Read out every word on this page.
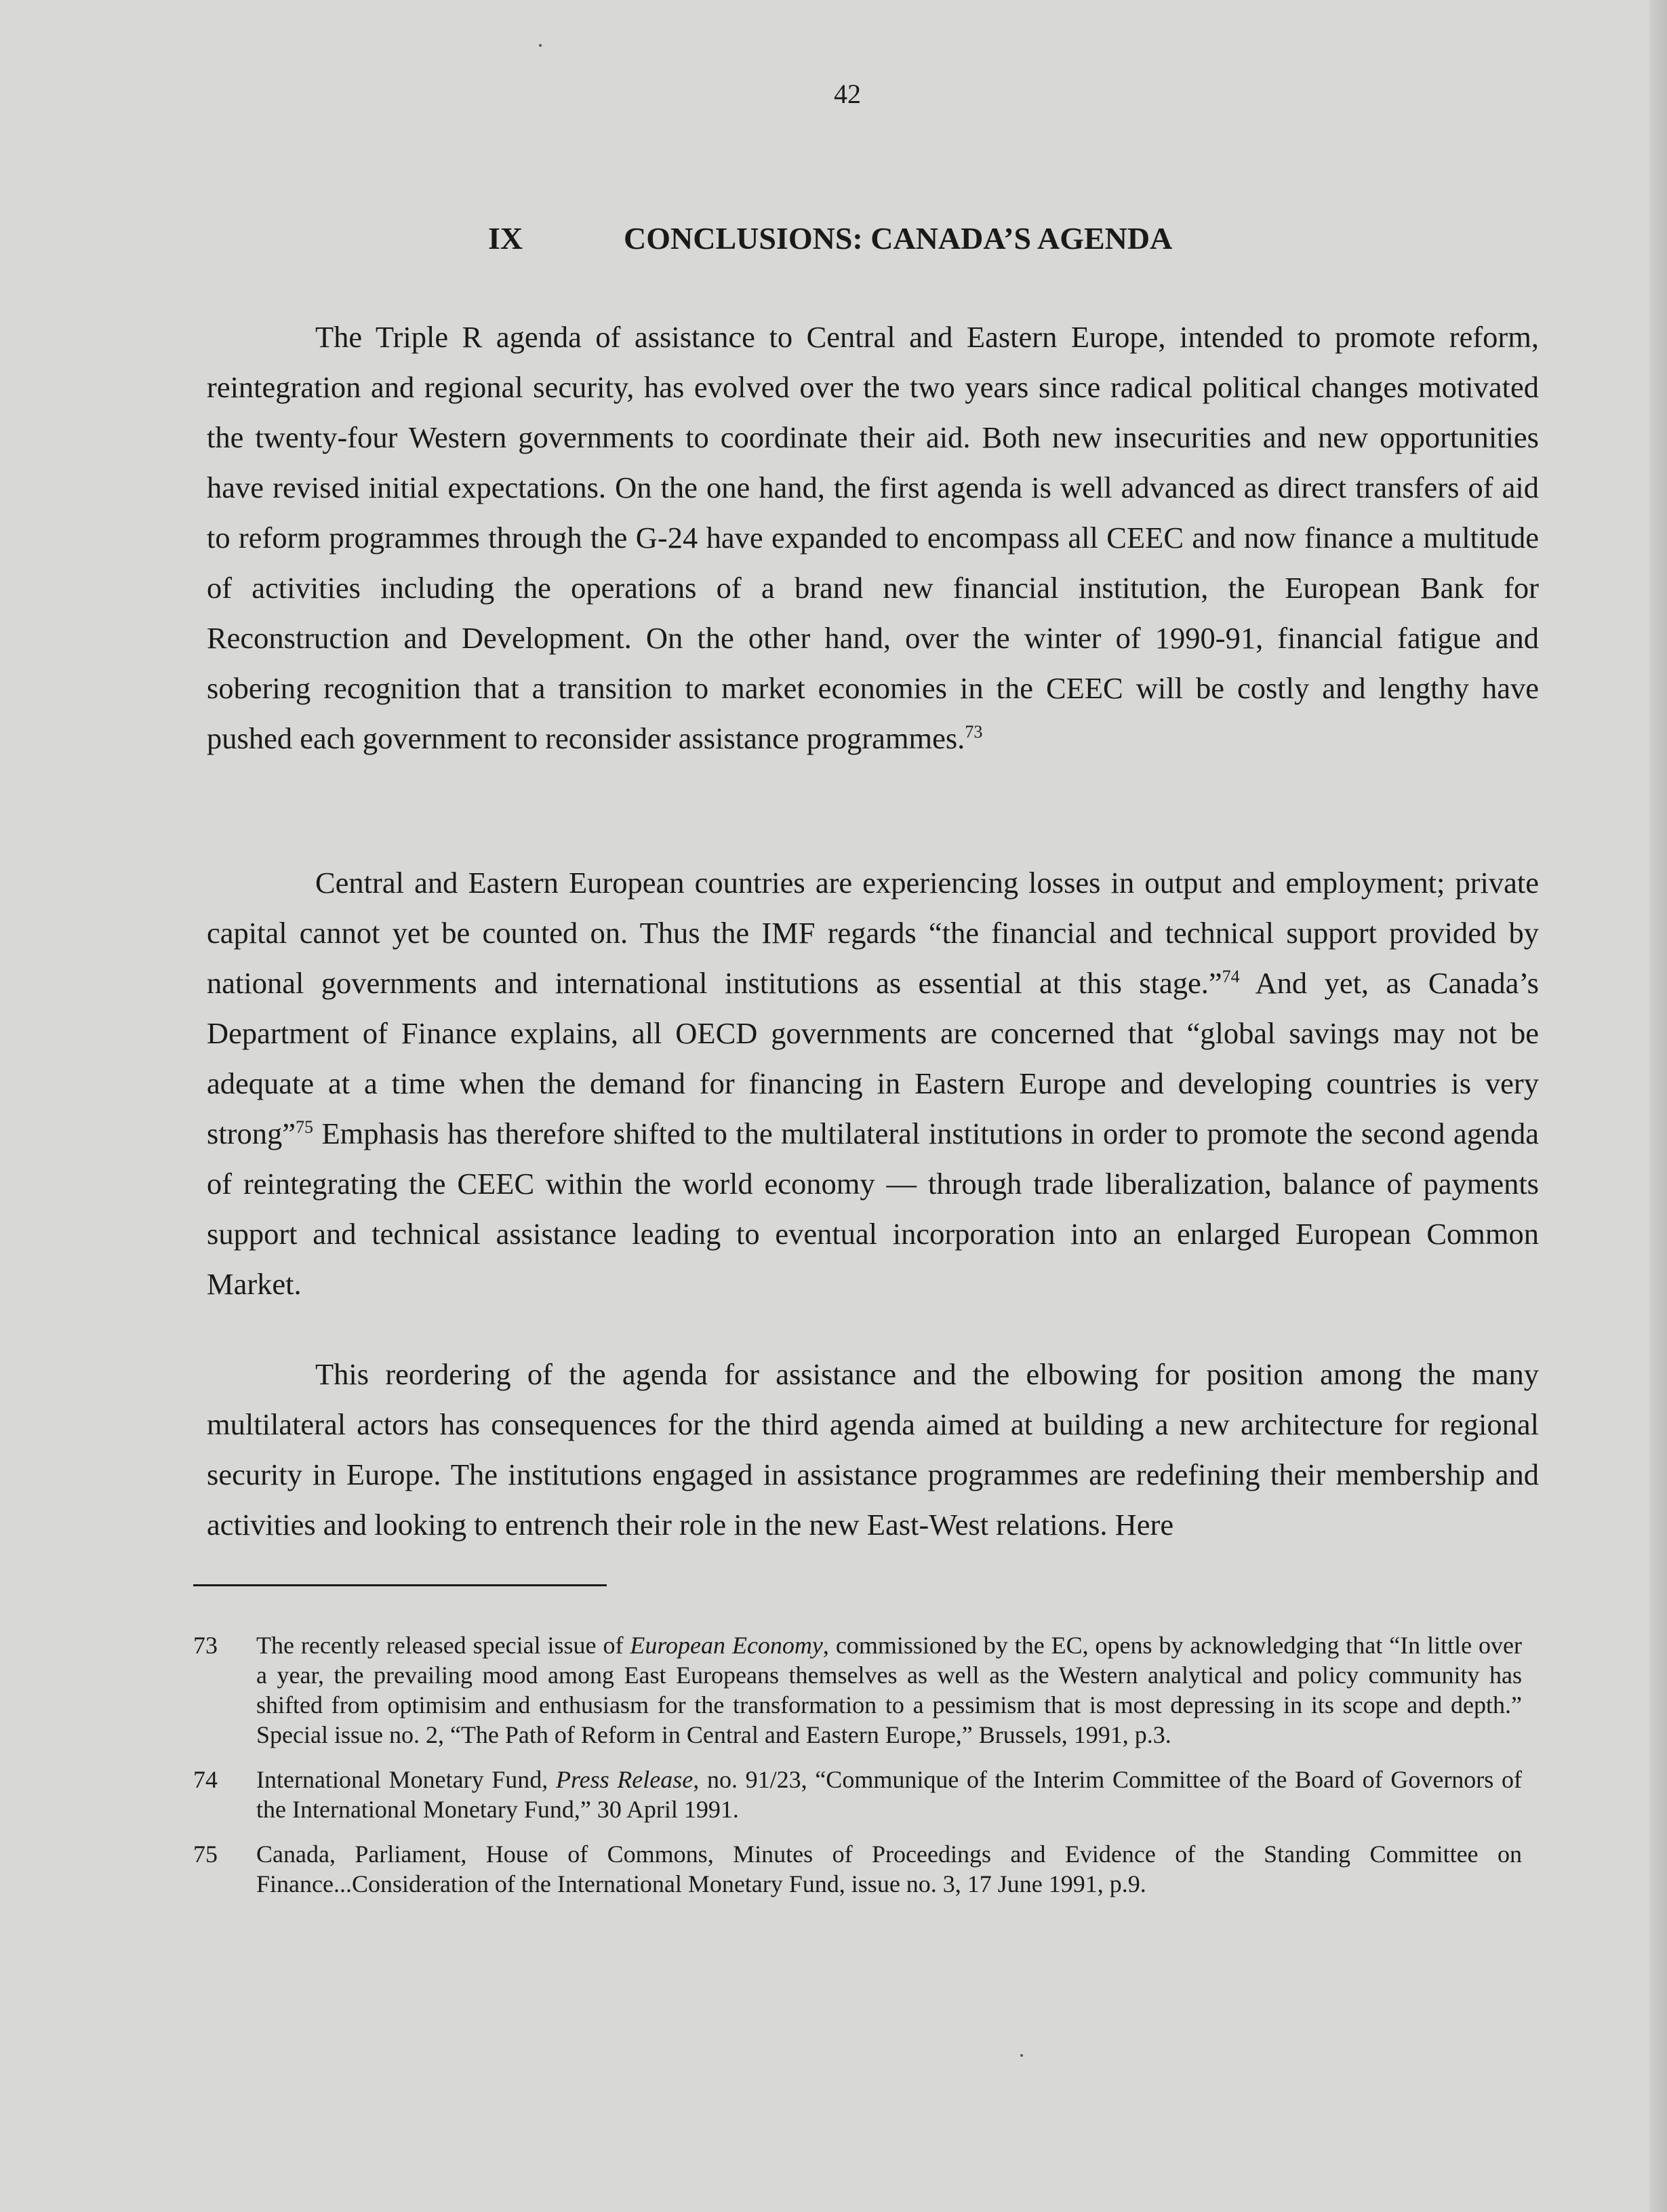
42
IX	CONCLUSIONS: CANADA’S AGENDA

The Triple R agenda of assistance to Central and Eastern Europe, intended to promote reform, reintegration and regional security, has evolved over the two years since radical political changes motivated the twenty-four Western governments to coordinate their aid. Both new insecurities and new opportunities have revised initial expectations. On the one hand, the first agenda is well advanced as direct transfers of aid to reform programmes through the G-24 have expanded to encompass all CEEC and now finance a multitude of activities including the operations of a brand new financial institution, the European Bank for Reconstruction and Development. On the other hand, over the winter of 1990-91, financial fatigue and sobering recognition that a transition to market economies in the CEEC will be costly and lengthy have pushed each government to reconsider assistance programmes.$^{73}$

Central and Eastern European countries are experiencing losses in output and employment; private capital cannot yet be counted on. Thus the IMF regards “the financial and technical support provided by national governments and international institutions as essential at this stage.”$^{74}$ And yet, as Canada’s Department of Finance explains, all OECD governments are concerned that “global savings may not be adequate at a time when the demand for financing in Eastern Europe and developing countries is very strong”$^{75}$ Emphasis has therefore shifted to the multilateral institutions in order to promote the second agenda of reintegrating the CEEC within the world economy — through trade liberalization, balance of payments support and technical assistance leading to eventual incorporation into an enlarged European Common Market.

This reordering of the agenda for assistance and the elbowing for position among the many multilateral actors has consequences for the third agenda aimed at building a new architecture for regional security in Europe. The institutions engaged in assistance programmes are redefining their membership and activities and looking to entrench their role in the new East-West relations. Here

73 The recently released special issue of European Economy, commissioned by the EC, opens by acknowledging that “In little over a year, the prevailing mood among East Europeans themselves as well as the Western analytical and policy community has shifted from optimisim and enthusiasm for the transformation to a pessimism that is most depressing in its scope and depth.” Special issue no. 2, “The Path of Reform in Central and Eastern Europe,” Brussels, 1991, p.3.
74 International Monetary Fund, Press Release, no. 91/23, “Communique of the Interim Committee of the Board of Governors of the International Monetary Fund,” 30 April 1991.
75 Canada, Parliament, House of Commons, Minutes of Proceedings and Evidence of the Standing Committee on Finance...Consideration of the International Monetary Fund, issue no. 3, 17 June 1991, p.9.
